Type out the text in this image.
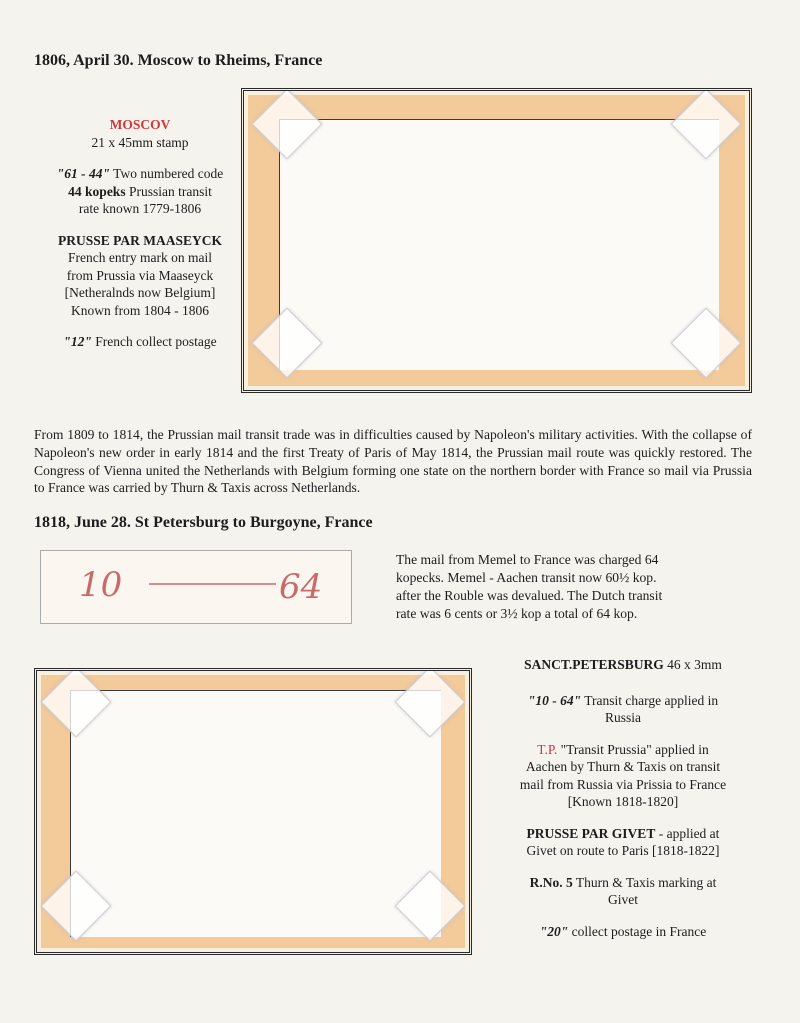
1806, April 30. Moscow to Rheims, France

MOSCOV
21 x 45mm stamp

"61 - 44" Two numbered code
44 kopeks Prussian transit
rate known 1779-1806

PRUSSE PAR MAASEYCK
French entry mark on mail
from Prussia via Maaseyck
[Netheralnds now Belgium]
Known from 1804 - 1806

"12" French collect postage

From 1809 to 1814, the Prussian mail transit trade was in difficulties caused by Napoleon's military activities. With the collapse of Napoleon's new order in early 1814 and the first Treaty of Paris of May 1814, the Prussian mail route was quickly restored. The Congress of Vienna united the Netherlands with Belgium forming one state on the northern border with France so mail via Prussia to France was carried by Thurn & Taxis across Netherlands.

1818, June 28. St Petersburg to Burgoyne, France
10	64
The mail from Memel to France was charged 64
kopecks. Memel - Aachen transit now 60½ kop.
after the Rouble was devalued. The Dutch transit
rate was 6 cents or 3½ kop a total of 64 kop.

SANCT.PETERSBURG 46 x 3mm

"10 - 64" Transit charge applied in
Russia

T.P. "Transit Prussia" applied in
Aachen by Thurn & Taxis on transit
mail from Russia via Prissia to France
[Known 1818-1820]

PRUSSE PAR GIVET - applied at
Givet on route to Paris [1818-1822]

R.No. 5 Thurn & Taxis marking at
Givet

"20" collect postage in France
